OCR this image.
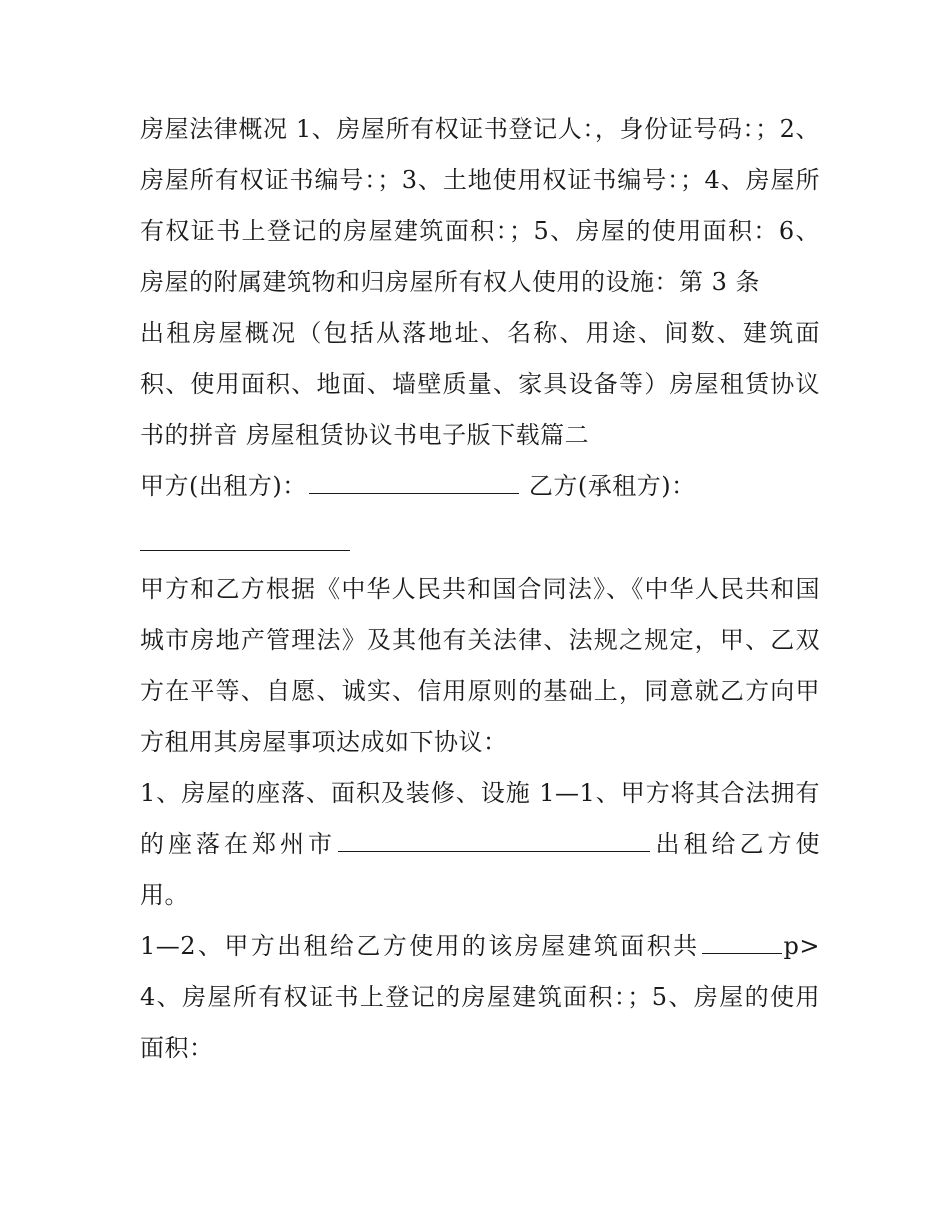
房屋法律概况 1、房屋所有权证书登记人：，身份证号码：；2、房屋所有权证书编号：；3、土地使用权证书编号：；4、房屋所有权证书上登记的房屋建筑面积：；5、房屋的使用面积：6、房屋的附属建筑物和归房屋所有权人使用的设施：第 3 条

出租房屋概况（包括从落地址、名称、用途、间数、建筑面积、使用面积、地面、墙壁质量、家具设备等）房屋租赁协议书的拼音 房屋租赁协议书电子版下载篇二

甲方(出租方)：	乙方(承租方)：

甲方和乙方根据《中华人民共和国合同法》、《中华人民共和国城市房地产管理法》及其他有关法律、法规之规定，甲、乙双方在平等、自愿、诚实、信用原则的基础上，同意就乙方向甲方租用其房屋事项达成如下协议：

1、房屋的座落、面积及装修、设施 1—1、甲方将其合法拥有的座落在郑州市	出租给乙方使用。

1—2、甲方出租给乙方使用的该房屋建筑面积共	p> 4、房屋所有权证书上登记的房屋建筑面积：；5、房屋的使用面积：
